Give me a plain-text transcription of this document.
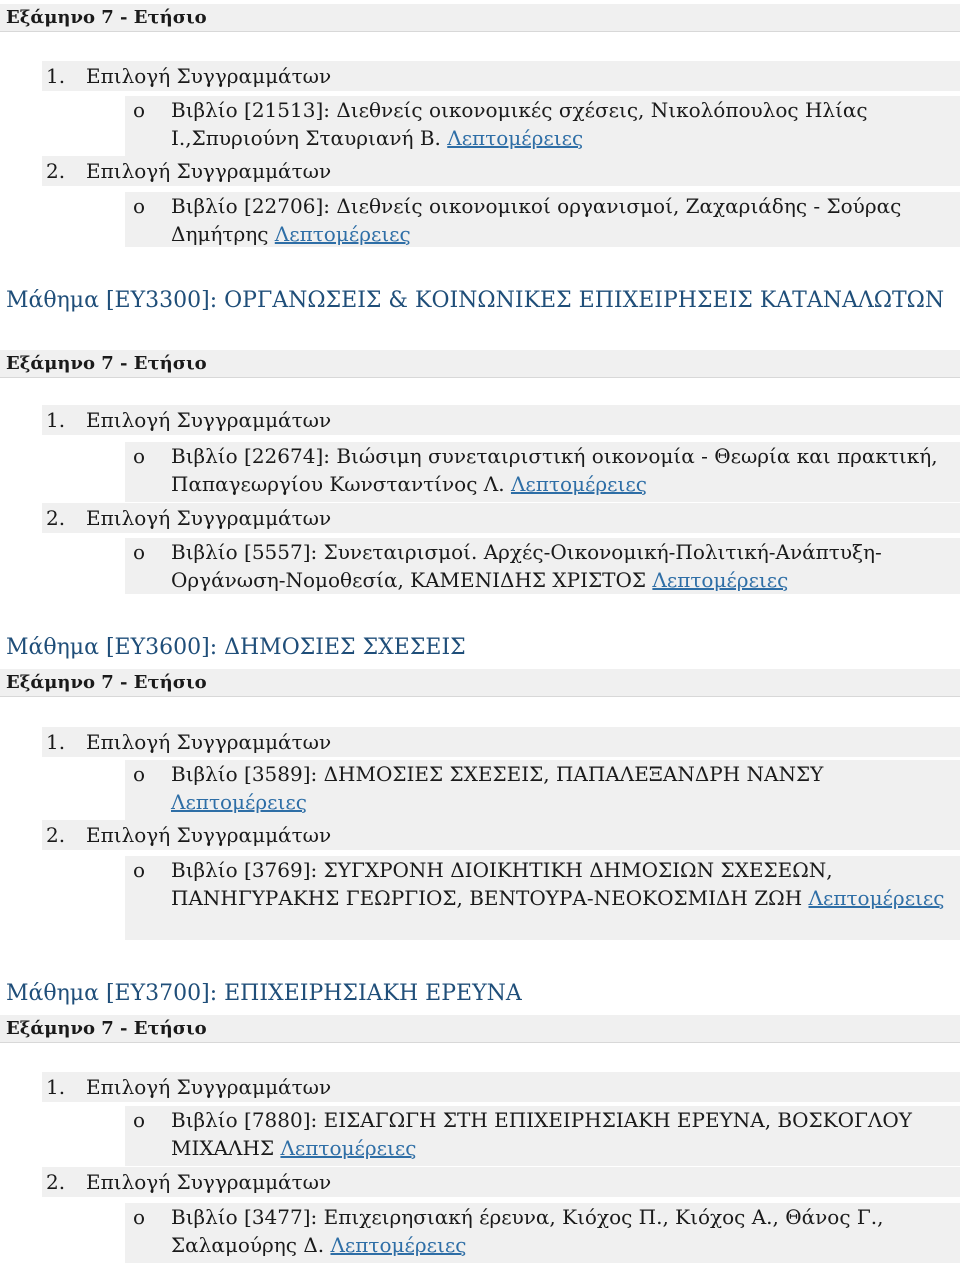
Εξάμηνο 7 - Ετήσιο
1. Επιλογή Συγγραμμάτων
o Βιβλίο [21513]: Διεθνείς οικονομικές σχέσεις, Νικολόπουλος Ηλίας Ι.,Σπυριούνη Σταυριανή Β. Λεπτομέρειες
2. Επιλογή Συγγραμμάτων
o Βιβλίο [22706]: Διεθνείς οικονομικοί οργανισμοί, Ζαχαριάδης - Σούρας Δημήτρης Λεπτομέρειες
Μάθημα [ΕΥ3300]: ΟΡΓΑΝΩΣΕΙΣ & ΚΟΙΝΩΝΙΚΕΣ ΕΠΙΧΕΙΡΗΣΕΙΣ ΚΑΤΑΝΑΛΩΤΩΝ
Εξάμηνο 7 - Ετήσιο
1. Επιλογή Συγγραμμάτων
o Βιβλίο [22674]: Βιώσιμη συνεταιριστική οικονομία - Θεωρία και πρακτική, Παπαγεωργίου Κωνσταντίνος Λ. Λεπτομέρειες
2. Επιλογή Συγγραμμάτων
o Βιβλίο [5557]: Συνεταιρισμοί. Αρχές-Οικονομική-Πολιτική-Ανάπτυξη-Οργάνωση-Νομοθεσία, ΚΑΜΕΝΙΔΗΣ ΧΡΙΣΤΟΣ Λεπτομέρειες
Μάθημα [ΕΥ3600]: ΔΗΜΟΣΙΕΣ ΣΧΕΣΕΙΣ
Εξάμηνο 7 - Ετήσιο
1. Επιλογή Συγγραμμάτων
o Βιβλίο [3589]: ΔΗΜΟΣΙΕΣ ΣΧΕΣΕΙΣ, ΠΑΠΑΛΕΞΑΝΔΡΗ ΝΑΝΣΥ Λεπτομέρειες
2. Επιλογή Συγγραμμάτων
o Βιβλίο [3769]: ΣΥΓΧΡΟΝΗ ΔΙΟΙΚΗΤΙΚΗ ΔΗΜΟΣΙΩΝ ΣΧΕΣΕΩΝ, ΠΑΝΗΓΥΡΑΚΗΣ ΓΕΩΡΓΙΟΣ, ΒΕΝΤΟΥΡΑ-ΝΕΟΚΟΣΜΙΔΗ ΖΩΗ Λεπτομέρειες
Μάθημα [ΕΥ3700]: ΕΠΙΧΕΙΡΗΣΙΑΚΗ ΕΡΕΥΝΑ
Εξάμηνο 7 - Ετήσιο
1. Επιλογή Συγγραμμάτων
o Βιβλίο [7880]: ΕΙΣΑΓΩΓΗ ΣΤΗ ΕΠΙΧΕΙΡΗΣΙΑΚΗ ΕΡΕΥΝΑ, ΒΟΣΚΟΓΛΟΥ ΜΙΧΑΛΗΣ Λεπτομέρειες
2. Επιλογή Συγγραμμάτων
o Βιβλίο [3477]: Επιχειρησιακή έρευνα, Κιόχος Π., Κιόχος Α., Θάνος Γ., Σαλαμούρης Δ. Λεπτομέρειες
